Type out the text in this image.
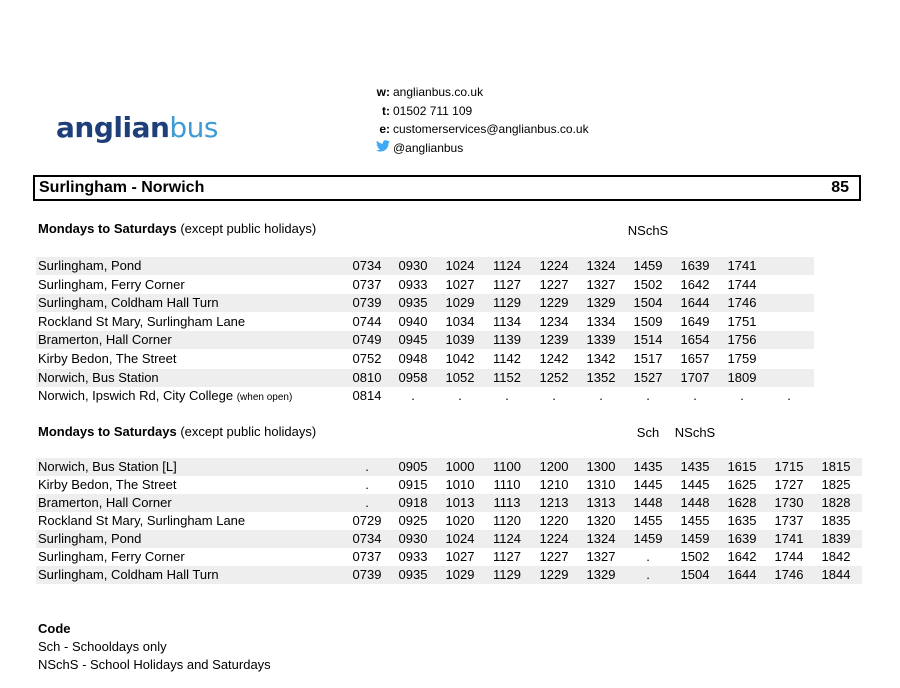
anglianbus
w: anglianbus.co.uk
t: 01502 711 109
e: customerservices@anglianbus.co.uk
@anglianbus
Surlingham - Norwich	85
Mondays to Saturdays (except public holidays)	NSchS
Surlingham, Pond	0734	0930	1024	1124	1224	1324	1459	1639	1741
Surlingham, Ferry Corner	0737	0933	1027	1127	1227	1327	1502	1642	1744
Surlingham, Coldham Hall Turn	0739	0935	1029	1129	1229	1329	1504	1644	1746
Rockland St Mary, Surlingham Lane	0744	0940	1034	1134	1234	1334	1509	1649	1751
Bramerton, Hall Corner	0749	0945	1039	1139	1239	1339	1514	1654	1756
Kirby Bedon, The Street	0752	0948	1042	1142	1242	1342	1517	1657	1759
Norwich, Bus Station	0810	0958	1052	1152	1252	1352	1527	1707	1809
Norwich, Ipswich Rd, City College (when open)	0814	.	.	.	.	.	.	.	.	.
Mondays to Saturdays (except public holidays)	Sch	NSchS
Norwich, Bus Station [L]	.	0905	1000	1100	1200	1300	1435	1435	1615	1715	1815
Kirby Bedon, The Street	.	0915	1010	1110	1210	1310	1445	1445	1625	1727	1825
Bramerton, Hall Corner	.	0918	1013	1113	1213	1313	1448	1448	1628	1730	1828
Rockland St Mary, Surlingham Lane	0729	0925	1020	1120	1220	1320	1455	1455	1635	1737	1835
Surlingham, Pond	0734	0930	1024	1124	1224	1324	1459	1459	1639	1741	1839
Surlingham, Ferry Corner	0737	0933	1027	1127	1227	1327	.	1502	1642	1744	1842
Surlingham, Coldham Hall Turn	0739	0935	1029	1129	1229	1329	.	1504	1644	1746	1844
Code
Sch - Schooldays only
NSchS - School Holidays and Saturdays
